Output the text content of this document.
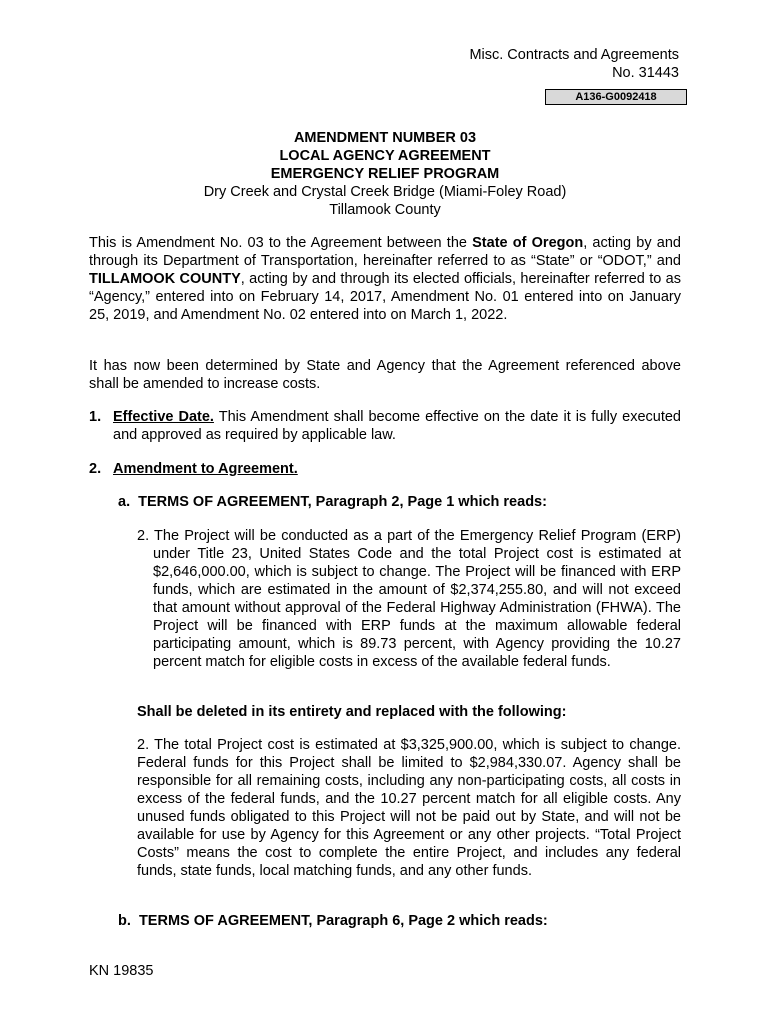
Misc. Contracts and Agreements
No. 31443
A136-G0092418
AMENDMENT NUMBER 03
LOCAL AGENCY AGREEMENT
EMERGENCY RELIEF PROGRAM
Dry Creek and Crystal Creek Bridge (Miami-Foley Road)
Tillamook County

This is Amendment No. 03 to the Agreement between the State of Oregon, acting by and through its Department of Transportation, hereinafter referred to as “State” or “ODOT,” and TILLAMOOK COUNTY, acting by and through its elected officials, hereinafter referred to as “Agency,” entered into on February 14, 2017, Amendment No. 01 entered into on January 25, 2019, and Amendment No. 02 entered into on March 1, 2022.

It has now been determined by State and Agency that the Agreement referenced above shall be amended to increase costs.

1. Effective Date. This Amendment shall become effective on the date it is fully executed and approved as required by applicable law.
2. Amendment to Agreement.
a. TERMS OF AGREEMENT, Paragraph 2, Page 1 which reads:

2. The Project will be conducted as a part of the Emergency Relief Program (ERP) under Title 23, United States Code and the total Project cost is estimated at $2,646,000.00, which is subject to change. The Project will be financed with ERP funds, which are estimated in the amount of $2,374,255.80, and will not exceed that amount without approval of the Federal Highway Administration (FHWA). The Project will be financed with ERP funds at the maximum allowable federal participating amount, which is 89.73 percent, with Agency providing the 10.27 percent match for eligible costs in excess of the available federal funds.

Shall be deleted in its entirety and replaced with the following:

2. The total Project cost is estimated at $3,325,900.00, which is subject to change. Federal funds for this Project shall be limited to $2,984,330.07. Agency shall be responsible for all remaining costs, including any non-participating costs, all costs in excess of the federal funds, and the 10.27 percent match for all eligible costs. Any unused funds obligated to this Project will not be paid out by State, and will not be available for use by Agency for this Agreement or any other projects. “Total Project Costs” means the cost to complete the entire Project, and includes any federal funds, state funds, local matching funds, and any other funds.

b. TERMS OF AGREEMENT, Paragraph 6, Page 2 which reads:
KN 19835
